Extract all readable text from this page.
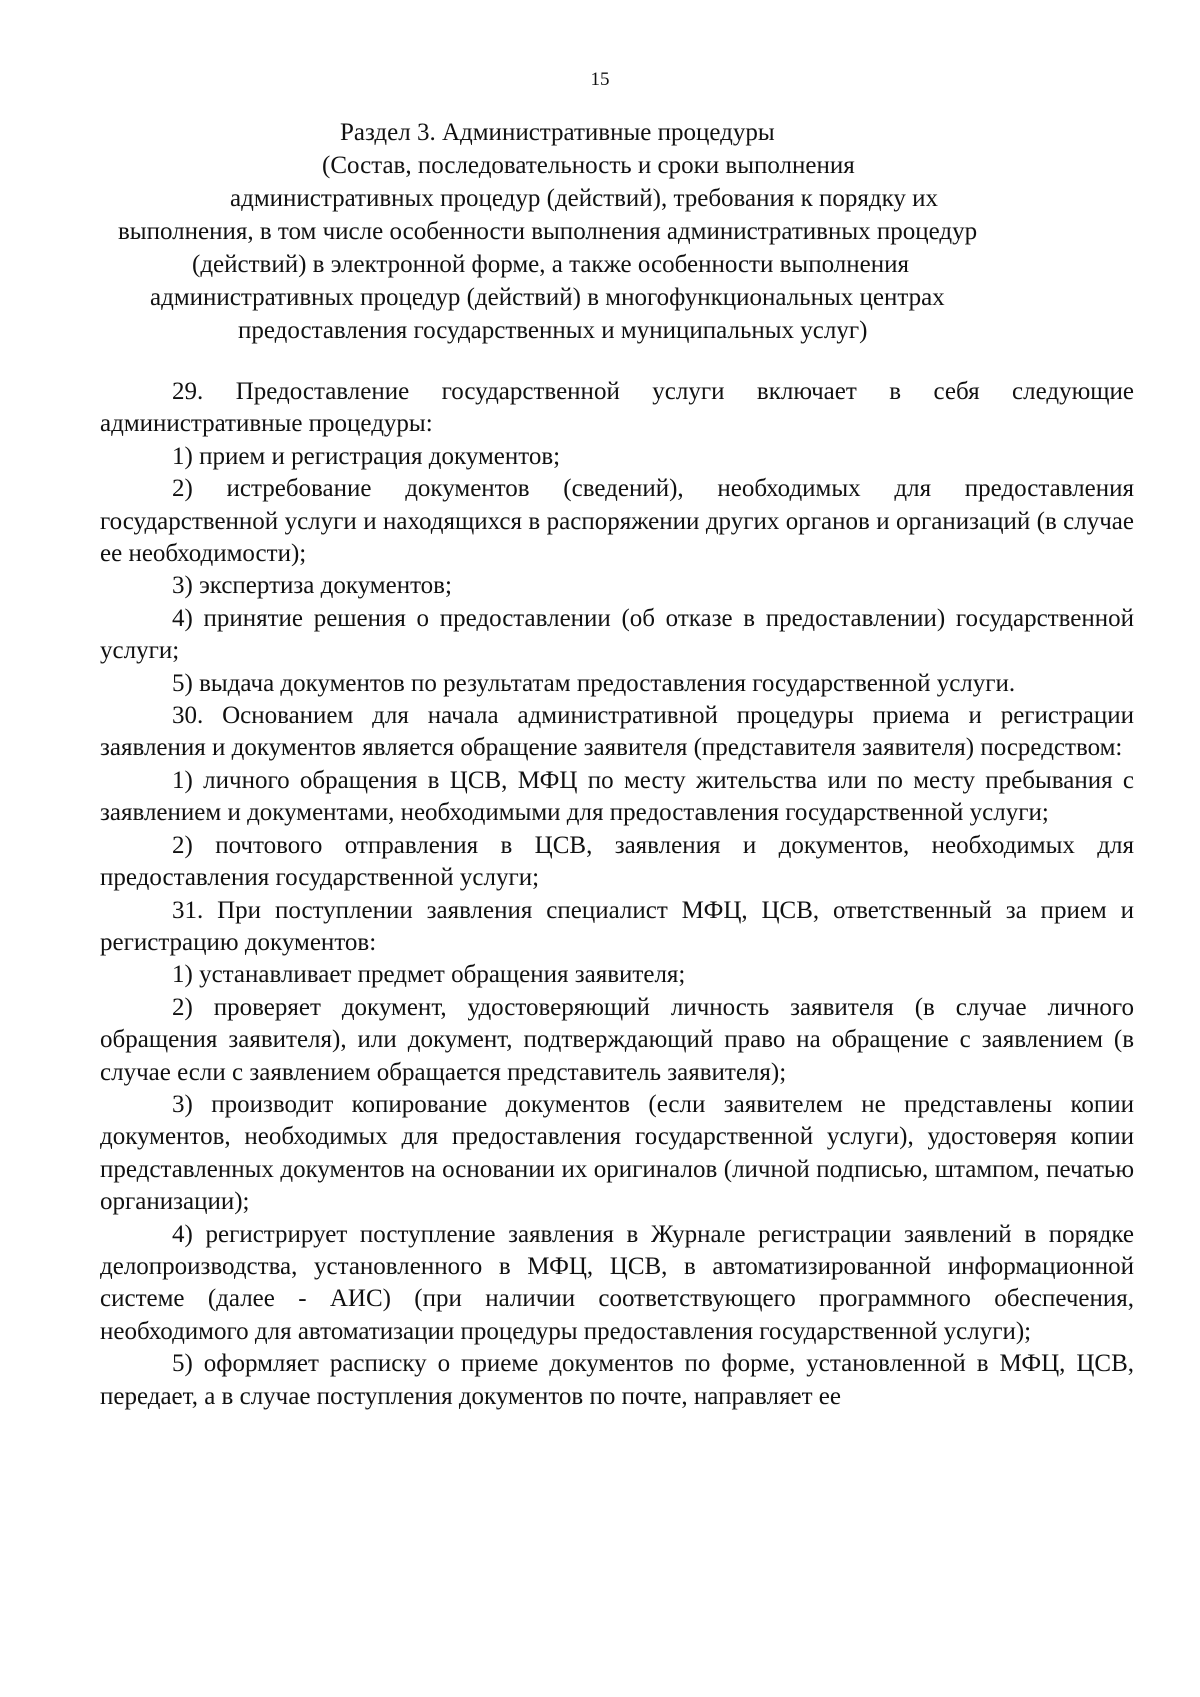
15
Раздел 3. Административные процедуры
(Состав, последовательность и сроки выполнения
административных процедур (действий), требования к порядку их
выполнения, в том числе особенности выполнения административных процедур
(действий) в электронной форме, а также особенности выполнения
административных процедур (действий) в многофункциональных центрах
предоставления государственных и муниципальных услуг)

29. Предоставление государственной услуги включает в себя следующие административные процедуры:

1) прием и регистрация документов;

2) истребование документов (сведений), необходимых для предоставления государственной услуги и находящихся в распоряжении других органов и организаций (в случае ее необходимости);

3) экспертиза документов;

4) принятие решения о предоставлении (об отказе в предоставлении) государственной услуги;

5) выдача документов по результатам предоставления государственной услуги.

30. Основанием для начала административной процедуры приема и регистрации заявления и документов является обращение заявителя (представителя заявителя) посредством:

1) личного обращения в ЦСВ, МФЦ по месту жительства или по месту пребывания с заявлением и документами, необходимыми для предоставления государственной услуги;

2) почтового отправления в ЦСВ, заявления и документов, необходимых для предоставления государственной услуги;

31. При поступлении заявления специалист МФЦ, ЦСВ, ответственный за прием и регистрацию документов:

1) устанавливает предмет обращения заявителя;

2) проверяет документ, удостоверяющий личность заявителя (в случае личного обращения заявителя), или документ, подтверждающий право на обращение с заявлением (в случае если с заявлением обращается представитель заявителя);

3) производит копирование документов (если заявителем не представлены копии документов, необходимых для предоставления государственной услуги), удостоверяя копии представленных документов на основании их оригиналов (личной подписью, штампом, печатью организации);

4) регистрирует поступление заявления в Журнале регистрации заявлений в порядке делопроизводства, установленного в МФЦ, ЦСВ, в автоматизированной информационной системе (далее - АИС) (при наличии соответствующего программного обеспечения, необходимого для автоматизации процедуры предоставления государственной услуги);

5) оформляет расписку о приеме документов по форме, установленной в МФЦ, ЦСВ, передает, а в случае поступления документов по почте, направляет ее
